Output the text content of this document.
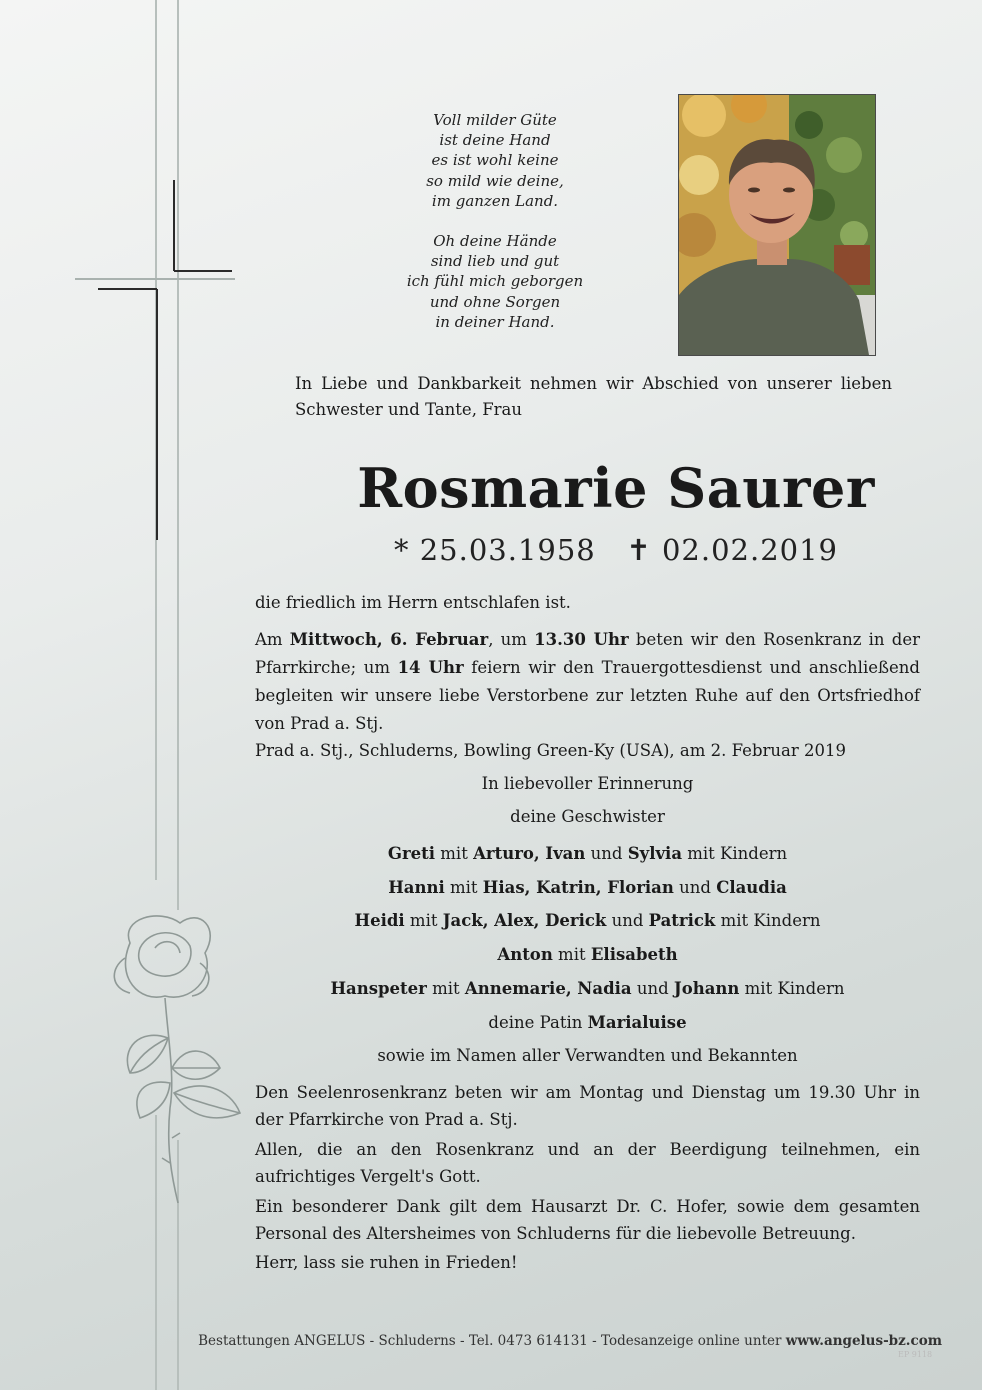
Voll milder Güte
ist deine Hand
es ist wohl keine
so mild wie deine,
im ganzen Land.

Oh deine Hände
sind lieb und gut
ich fühl mich geborgen
und ohne Sorgen
in deiner Hand.

In Liebe und Dankbarkeit nehmen wir Abschied von unserer lieben Schwester und Tante, Frau
Rosmarie Saurer
* 25.03.1958 ✝ 02.02.2019
die friedlich im Herrn entschlafen ist.
Am Mittwoch, 6. Februar, um 13.30 Uhr beten wir den Rosenkranz in der Pfarrkirche; um 14 Uhr feiern wir den Trauergottesdienst und anschließend begleiten wir unsere liebe Verstorbene zur letzten Ruhe auf den Ortsfriedhof von Prad a. Stj.
Prad a. Stj., Schluderns, Bowling Green-Ky (USA), am 2. Februar 2019
In liebevoller Erinnerung
deine Geschwister
Greti mit Arturo, Ivan und Sylvia mit Kindern
Hanni mit Hias, Katrin, Florian und Claudia
Heidi mit Jack, Alex, Derick und Patrick mit Kindern
Anton mit Elisabeth
Hanspeter mit Annemarie, Nadia und Johann mit Kindern
deine Patin Marialuise
sowie im Namen aller Verwandten und Bekannten
Den Seelenrosenkranz beten wir am Montag und Dienstag um 19.30 Uhr in der Pfarrkirche von Prad a. Stj.
Allen, die an den Rosenkranz und an der Beerdigung teilnehmen, ein aufrichtiges Vergelt's Gott.
Ein besonderer Dank gilt dem Hausarzt Dr. C. Hofer, sowie dem gesamten Personal des Altersheimes von Schluderns für die liebevolle Betreuung.
Herr, lass sie ruhen in Frieden!
Bestattungen ANGELUS - Schluderns - Tel. 0473 614131 - Todesanzeige online unter www.angelus-bz.com
EP 9118
